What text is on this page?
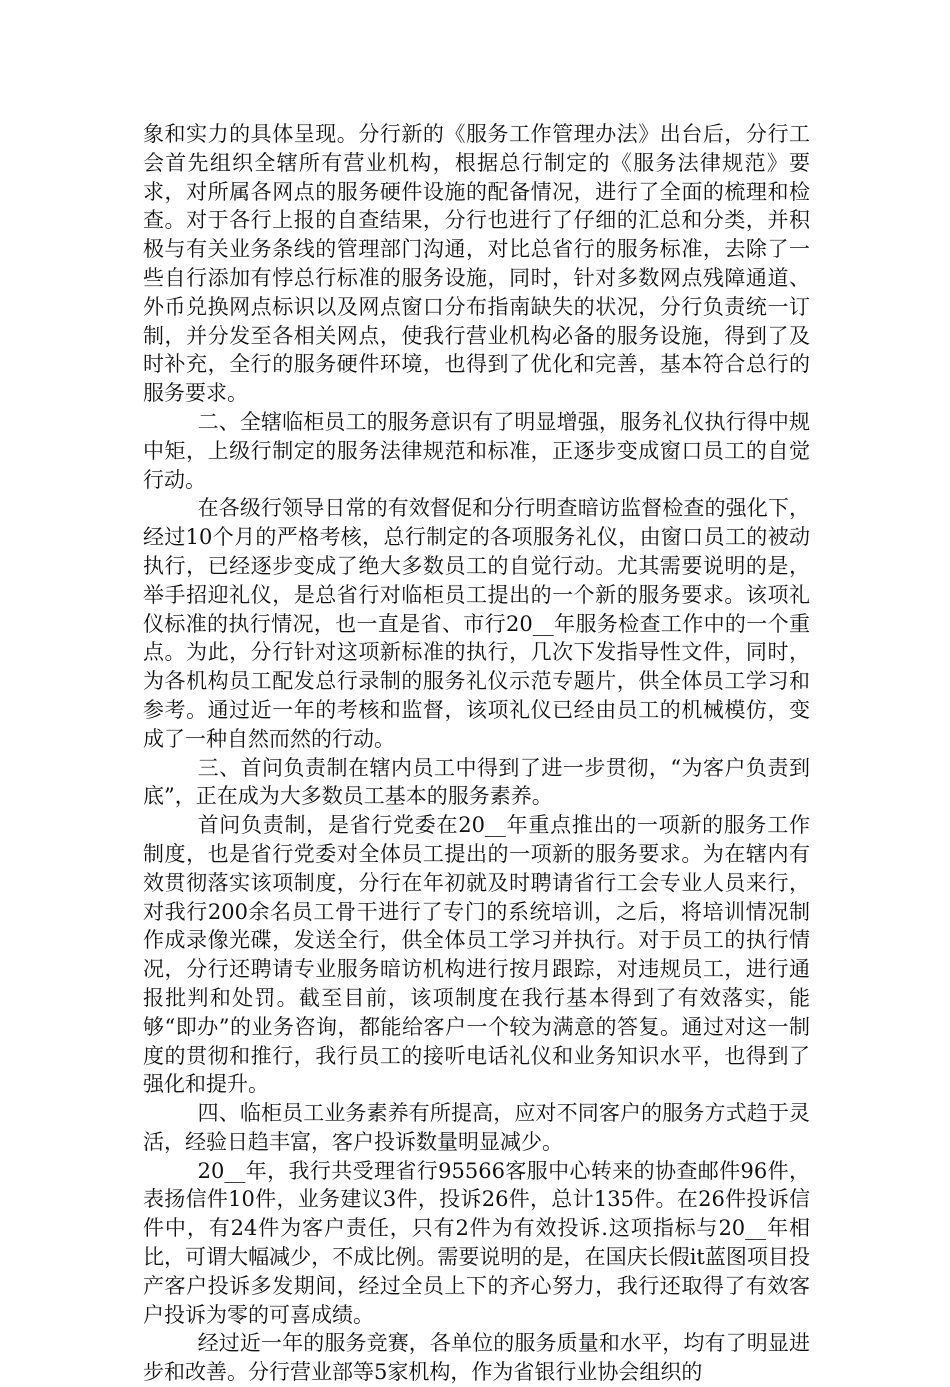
象和实力的具体呈现。分行新的《服务工作管理办法》出台后，分行工会首先组织全辖所有营业机构，根据总行制定的《服务法律规范》要求，对所属各网点的服务硬件设施的配备情况，进行了全面的梳理和检查。对于各行上报的自查结果，分行也进行了仔细的汇总和分类，并积极与有关业务条线的管理部门沟通，对比总省行的服务标准，去除了一些自行添加有悖总行标准的服务设施，同时，针对多数网点残障通道、外币兑换网点标识以及网点窗口分布指南缺失的状况，分行负责统一订制，并分发至各相关网点，使我行营业机构必备的服务设施，得到了及时补充，全行的服务硬件环境，也得到了优化和完善，基本符合总行的服务要求。

二、全辖临柜员工的服务意识有了明显增强，服务礼仪执行得中规中矩，上级行制定的服务法律规范和标准，正逐步变成窗口员工的自觉行动。

在各级行领导日常的有效督促和分行明查暗访监督检查的强化下，经过10个月的严格考核，总行制定的各项服务礼仪，由窗口员工的被动执行，已经逐步变成了绝大多数员工的自觉行动。尤其需要说明的是，举手招迎礼仪，是总省行对临柜员工提出的一个新的服务要求。该项礼仪标准的执行情况，也一直是省、市行20__年服务检查工作中的一个重点。为此，分行针对这项新标准的执行，几次下发指导性文件，同时，为各机构员工配发总行录制的服务礼仪示范专题片，供全体员工学习和参考。通过近一年的考核和监督，该项礼仪已经由员工的机械模仿，变成了一种自然而然的行动。

三、首问负责制在辖内员工中得到了进一步贯彻，“为客户负责到底”，正在成为大多数员工基本的服务素养。

首问负责制，是省行党委在20__年重点推出的一项新的服务工作制度，也是省行党委对全体员工提出的一项新的服务要求。为在辖内有效贯彻落实该项制度，分行在年初就及时聘请省行工会专业人员来行，对我行200余名员工骨干进行了专门的系统培训，之后，将培训情况制作成录像光碟，发送全行，供全体员工学习并执行。对于员工的执行情况，分行还聘请专业服务暗访机构进行按月跟踪，对违规员工，进行通报批判和处罚。截至目前，该项制度在我行基本得到了有效落实，能够“即办”的业务咨询，都能给客户一个较为满意的答复。通过对这一制度的贯彻和推行，我行员工的接听电话礼仪和业务知识水平，也得到了强化和提升。

四、临柜员工业务素养有所提高，应对不同客户的服务方式趋于灵活，经验日趋丰富，客户投诉数量明显减少。

20__年，我行共受理省行95566客服中心转来的协查邮件96件，表扬信件10件，业务建议3件，投诉26件，总计135件。在26件投诉信件中，有24件为客户责任，只有2件为有效投诉.这项指标与20__年相比，可谓大幅减少，不成比例。需要说明的是，在国庆长假it蓝图项目投产客户投诉多发期间，经过全员上下的齐心努力，我行还取得了有效客户投诉为零的可喜成绩。

经过近一年的服务竞赛，各单位的服务质量和水平，均有了明显进步和改善。分行营业部等5家机构，作为省银行业协会组织的
